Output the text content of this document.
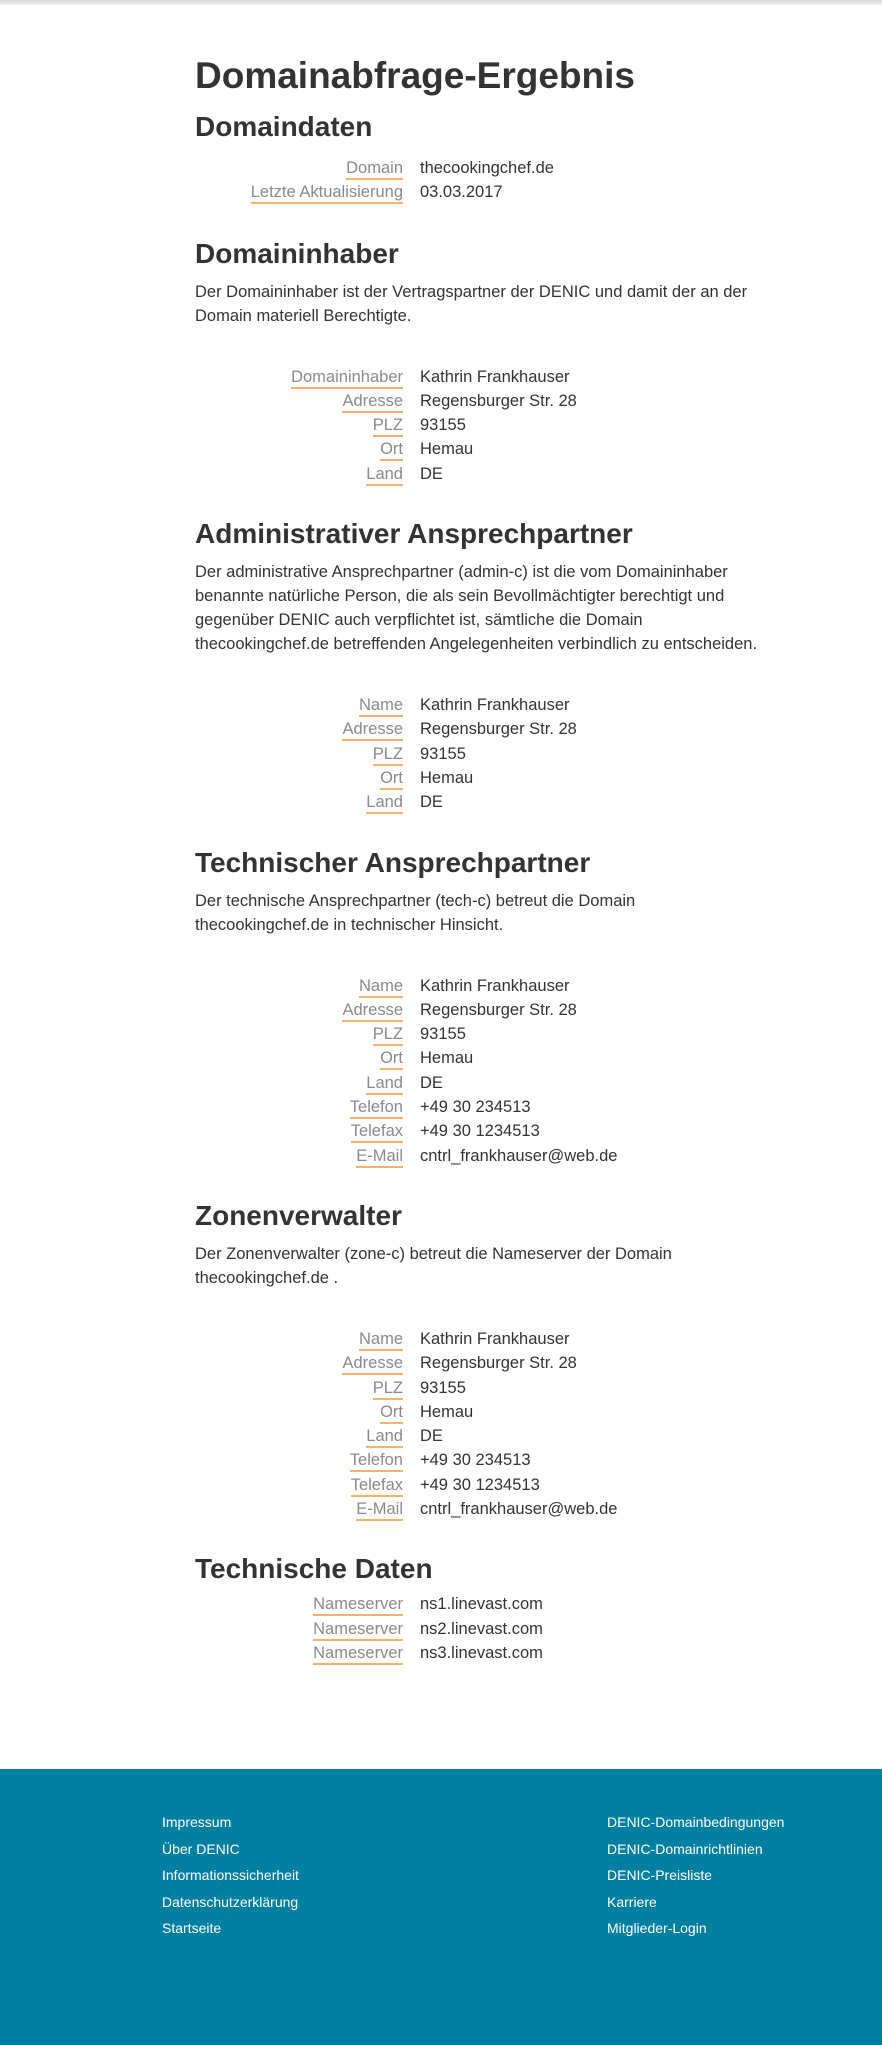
Domainabfrage-Ergebnis
Domaindaten
Domain	thecookingchef.de
Letzte Aktualisierung	03.03.2017
Domaininhaber

Der Domaininhaber ist der Vertragspartner der DENIC und damit der an der Domain materiell Berechtigte.

Domaininhaber	Kathrin Frankhauser
Adresse	Regensburger Str. 28
PLZ	93155
Ort	Hemau
Land	DE
Administrativer Ansprechpartner

Der administrative Ansprechpartner (admin-c) ist die vom Domaininhaber benannte natürliche Person, die als sein Bevollmächtigter berechtigt und gegenüber DENIC auch verpflichtet ist, sämtliche die Domain thecookingchef.de betreffenden Angelegenheiten verbindlich zu entscheiden.

Name	Kathrin Frankhauser
Adresse	Regensburger Str. 28
PLZ	93155
Ort	Hemau
Land	DE
Technischer Ansprechpartner

Der technische Ansprechpartner (tech-c) betreut die Domain thecookingchef.de in technischer Hinsicht.

Name	Kathrin Frankhauser
Adresse	Regensburger Str. 28
PLZ	93155
Ort	Hemau
Land	DE
Telefon	+49 30 234513
Telefax	+49 30 1234513
E-Mail	cntrl_frankhauser@web.de
Zonenverwalter

Der Zonenverwalter (zone-c) betreut die Nameserver der Domain thecookingchef.de .

Name	Kathrin Frankhauser
Adresse	Regensburger Str. 28
PLZ	93155
Ort	Hemau
Land	DE
Telefon	+49 30 234513
Telefax	+49 30 1234513
E-Mail	cntrl_frankhauser@web.de
Technische Daten
Nameserver	ns1.linevast.com
Nameserver	ns2.linevast.com
Nameserver	ns3.linevast.com
Impressum
Über DENIC
Informationssicherheit
Datenschutzerklärung
Startseite
DENIC-Domainbedingungen
DENIC-Domainrichtlinien
DENIC-Preisliste
Karriere
Mitglieder-Login
